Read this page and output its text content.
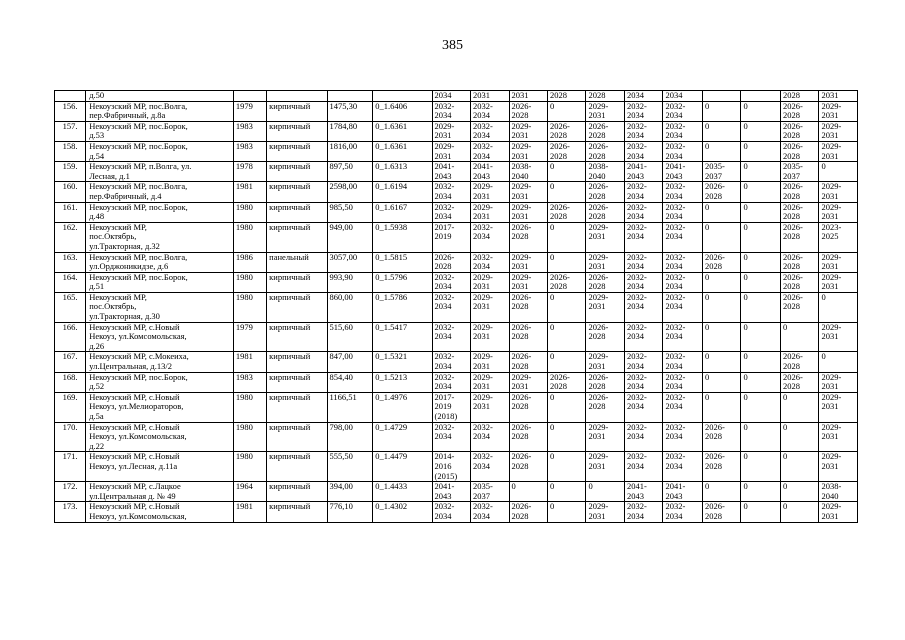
385
	д.50					2034	2031	2031	2028	2028	2034	2034			2028	2031
156.	Некоузский МР, пос.Волга,
пер.Фабричный, д.8а	1979	кирпичный	1475,30	0_1.6406	2032-
2034	2032-
2034	2026-
2028	0	2029-
2031	2032-
2034	2032-
2034	0	0	2026-
2028	2029-
2031
157.	Некоузский МР, пос.Борок,
д.53	1983	кирпичный	1784,80	0_1.6361	2029-
2031	2032-
2034	2029-
2031	2026-
2028	2026-
2028	2032-
2034	2032-
2034	0	0	2026-
2028	2029-
2031
158.	Некоузский МР, пос.Борок,
д.54	1983	кирпичный	1816,00	0_1.6361	2029-
2031	2032-
2034	2029-
2031	2026-
2028	2026-
2028	2032-
2034	2032-
2034	0	0	2026-
2028	2029-
2031
159.	Некоузский МР, п.Волга, ул.
Лесная, д.1	1978	кирпичный	897,50	0_1.6313	2041-
2043	2041-
2043	2038-
2040	0	2038-
2040	2041-
2043	2041-
2043	2035-
2037	0	2035-
2037	0
160.	Некоузский МР, пос.Волга,
пер.Фабричный, д.4	1981	кирпичный	2598,00	0_1.6194	2032-
2034	2029-
2031	2029-
2031	0	2026-
2028	2032-
2034	2032-
2034	2026-
2028	0	2026-
2028	2029-
2031
161.	Некоузский МР, пос.Борок,
д.48	1980	кирпичный	985,50	0_1.6167	2032-
2034	2029-
2031	2029-
2031	2026-
2028	2026-
2028	2032-
2034	2032-
2034	0	0	2026-
2028	2029-
2031
162.	Некоузский МР,
пос.Октябрь,
ул.Тракторная, д.32	1980	кирпичный	949,00	0_1.5938	2017-
2019	2032-
2034	2026-
2028	0	2029-
2031	2032-
2034	2032-
2034	0	0	2026-
2028	2023-
2025
163.	Некоузский МР, пос.Волга,
ул.Орджоникидзе, д.6	1986	панельный	3057,00	0_1.5815	2026-
2028	2032-
2034	2029-
2031	0	2029-
2031	2032-
2034	2032-
2034	2026-
2028	0	2026-
2028	2029-
2031
164.	Некоузский МР, пос.Борок,
д.51	1980	кирпичный	993,90	0_1.5796	2032-
2034	2029-
2031	2029-
2031	2026-
2028	2026-
2028	2032-
2034	2032-
2034	0	0	2026-
2028	2029-
2031
165.	Некоузский МР,
пос.Октябрь,
ул.Тракторная, д.30	1980	кирпичный	860,00	0_1.5786	2032-
2034	2029-
2031	2026-
2028	0	2029-
2031	2032-
2034	2032-
2034	0	0	2026-
2028	0
166.	Некоузский МР, с.Новый
Некоуз, ул.Комсомольская,
д.26	1979	кирпичный	515,60	0_1.5417	2032-
2034	2029-
2031	2026-
2028	0	2026-
2028	2032-
2034	2032-
2034	0	0	0	2029-
2031
167.	Некоузский МР, с.Мокеиха,
ул.Центральная, д.13/2	1981	кирпичный	847,00	0_1.5321	2032-
2034	2029-
2031	2026-
2028	0	2029-
2031	2032-
2034	2032-
2034	0	0	2026-
2028	0
168.	Некоузский МР, пос.Борок,
д.52	1983	кирпичный	854,40	0_1.5213	2032-
2034	2029-
2031	2029-
2031	2026-
2028	2026-
2028	2032-
2034	2032-
2034	0	0	2026-
2028	2029-
2031
169.	Некоузский МР, с.Новый
Некоуз, ул.Мелиораторов,
д.5а	1980	кирпичный	1166,51	0_1.4976	2017-
2019
(2018)	2029-
2031	2026-
2028	0	2026-
2028	2032-
2034	2032-
2034	0	0	0	2029-
2031
170.	Некоузский МР, с.Новый
Некоуз, ул.Комсомольская,
д.22	1980	кирпичный	798,00	0_1.4729	2032-
2034	2032-
2034	2026-
2028	0	2029-
2031	2032-
2034	2032-
2034	2026-
2028	0	0	2029-
2031
171.	Некоузский МР, с.Новый
Некоуз, ул.Лесная, д.11а	1980	кирпичный	555,50	0_1.4479	2014-
2016
(2015)	2032-
2034	2026-
2028	0	2029-
2031	2032-
2034	2032-
2034	2026-
2028	0	0	2029-
2031
172.	Некоузский МР, с.Лацкое
ул.Центральная д. № 49	1964	кирпичный	394,00	0_1.4433	2041-
2043	2035-
2037	0	0	0	2041-
2043	2041-
2043	0	0	0	2038-
2040
173.	Некоузский МР, с.Новый
Некоуз, ул.Комсомольская,	1981	кирпичный	776,10	0_1.4302	2032-
2034	2032-
2034	2026-
2028	0	2029-
2031	2032-
2034	2032-
2034	2026-
2028	0	0	2029-
2031
